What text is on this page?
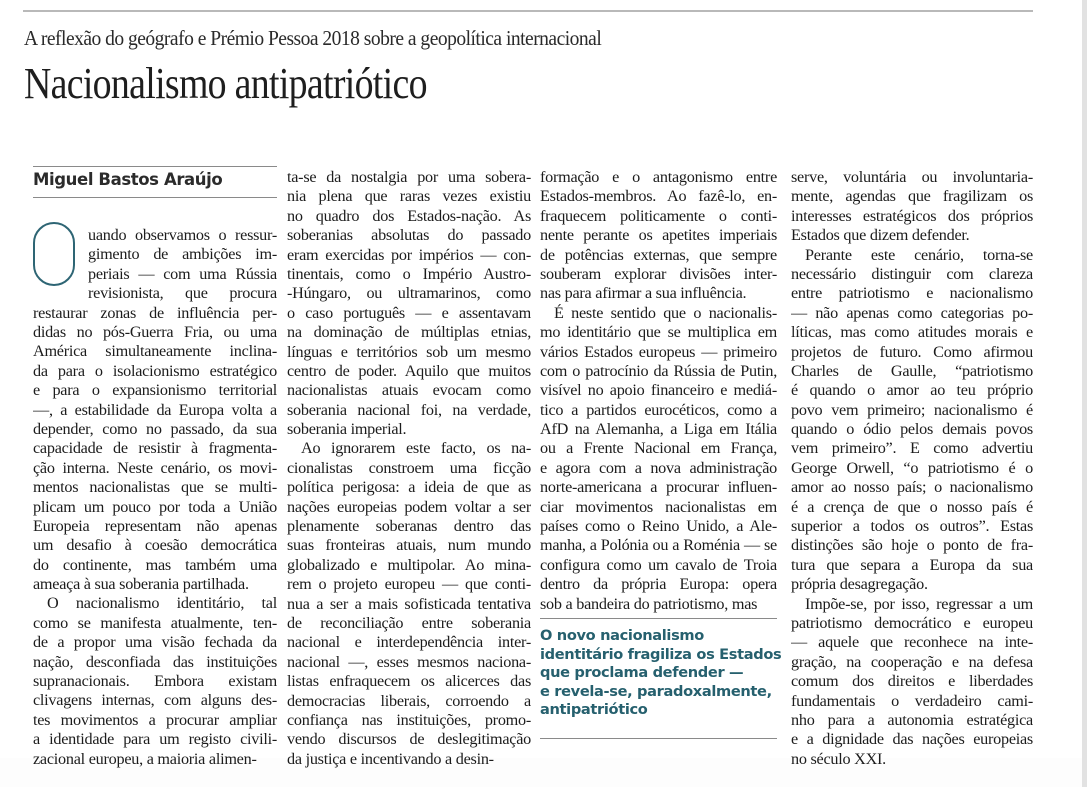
A reflexão do geógrafo e Prémio Pessoa 2018 sobre a geopolítica internacional
Nacionalismo antipatriótico
Miguel Bastos Araújo
uando observamos o ressur-
gimento de ambições im-
periais — com uma Rússia
revisionista, que procura
restaurar zonas de influência per-
didas no pós-Guerra Fria, ou uma
América simultaneamente inclina-
da para o isolacionismo estratégico
e para o expansionismo territorial
—, a estabilidade da Europa volta a
depender, como no passado, da sua
capacidade de resistir à fragmenta-
ção interna. Neste cenário, os movi-
mentos nacionalistas que se multi-
plicam um pouco por toda a União
Europeia representam não apenas
um desafio à coesão democrática
do continente, mas também uma
ameaça à sua soberania partilhada.
O nacionalismo identitário, tal
como se manifesta atualmente, ten-
de a propor uma visão fechada da
nação, desconfiada das instituições
supranacionais. Embora existam
clivagens internas, com alguns des-
tes movimentos a procurar ampliar
a identidade para um registo civili-
zacional europeu, a maioria alimen-
ta-se da nostalgia por uma sobera-
nia plena que raras vezes existiu
no quadro dos Estados-nação. As
soberanias absolutas do passado
eram exercidas por impérios — con-
tinentais, como o Império Austro-
-Húngaro, ou ultramarinos, como
o caso português — e assentavam
na dominação de múltiplas etnias,
línguas e territórios sob um mesmo
centro de poder. Aquilo que muitos
nacionalistas atuais evocam como
soberania nacional foi, na verdade,
soberania imperial.
Ao ignorarem este facto, os na-
cionalistas constroem uma ficção
política perigosa: a ideia de que as
nações europeias podem voltar a ser
plenamente soberanas dentro das
suas fronteiras atuais, num mundo
globalizado e multipolar. Ao mina-
rem o projeto europeu — que conti-
nua a ser a mais sofisticada tentativa
de reconciliação entre soberania
nacional e interdependência inter-
nacional —, esses mesmos naciona-
listas enfraquecem os alicerces das
democracias liberais, corroendo a
confiança nas instituições, promo-
vendo discursos de deslegitimação
da justiça e incentivando a desin-
formação e o antagonismo entre
Estados-membros. Ao fazê-lo, en-
fraquecem politicamente o conti-
nente perante os apetites imperiais
de potências externas, que sempre
souberam explorar divisões inter-
nas para afirmar a sua influência.
É neste sentido que o nacionalis-
mo identitário que se multiplica em
vários Estados europeus — primeiro
com o patrocínio da Rússia de Putin,
visível no apoio financeiro e mediá-
tico a partidos eurocéticos, como a
AfD na Alemanha, a Liga em Itália
ou a Frente Nacional em França,
e agora com a nova administração
norte-americana a procurar influen-
ciar movimentos nacionalistas em
países como o Reino Unido, a Ale-
manha, a Polónia ou a Roménia — se
configura como um cavalo de Troia
dentro da própria Europa: opera
sob a bandeira do patriotismo, mas
O novo nacionalismo
identitário fragiliza os Estados
que proclama defender —
e revela-se, paradoxalmente,
antipatriótico
serve, voluntária ou involuntaria-
mente, agendas que fragilizam os
interesses estratégicos dos próprios
Estados que dizem defender.
Perante este cenário, torna-se
necessário distinguir com clareza
entre patriotismo e nacionalismo
— não apenas como categorias po-
líticas, mas como atitudes morais e
projetos de futuro. Como afirmou
Charles de Gaulle, “patriotismo
é quando o amor ao teu próprio
povo vem primeiro; nacionalismo é
quando o ódio pelos demais povos
vem primeiro”. E como advertiu
George Orwell, “o patriotismo é o
amor ao nosso país; o nacionalismo
é a crença de que o nosso país é
superior a todos os outros”. Estas
distinções são hoje o ponto de fra-
tura que separa a Europa da sua
própria desagregação.
Impõe-se, por isso, regressar a um
patriotismo democrático e europeu
— aquele que reconhece na inte-
gração, na cooperação e na defesa
comum dos direitos e liberdades
fundamentais o verdadeiro cami-
nho para a autonomia estratégica
e a dignidade das nações europeias
no século XXI.
